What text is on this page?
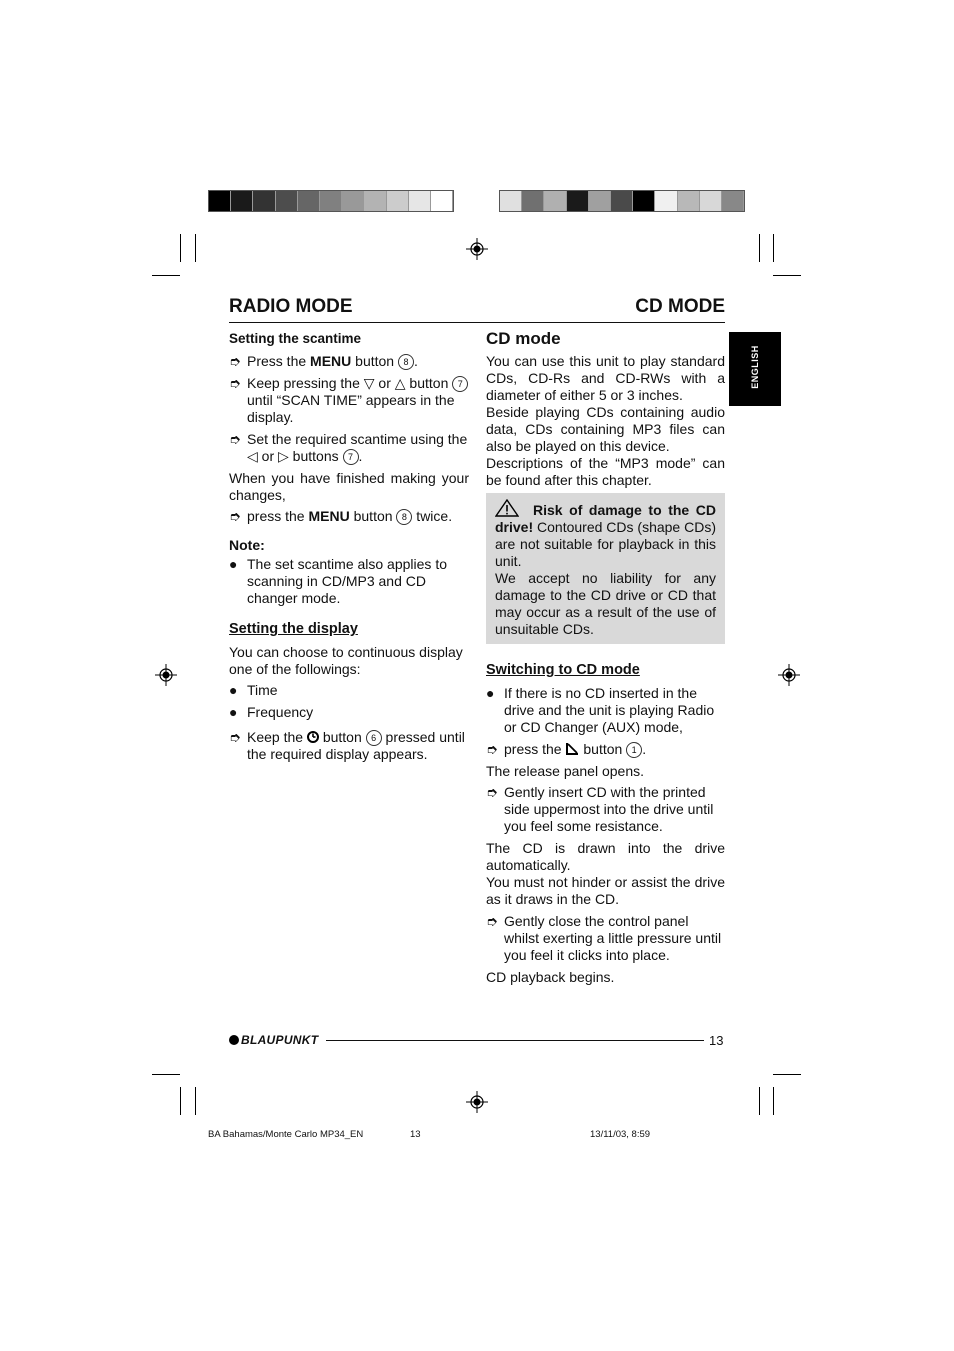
RADIO MODE	CD MODE
ENGLISH
Setting the scantime
➮ Press the MENU button 8 .
➮ Keep pressing the ▽ or △ button 7 until “SCAN TIME” appears in the display.
➮ Set the required scantime using the ◁ or ▷ buttons 7 .

When you have finished making your changes,

➮ press the MENU button 8 twice.
Note:
● The set scantime also applies to scanning in CD/MP3 and CD changer mode.
Setting the display

You can choose to continuous display one of the followings:

● Time
● Frequency
➮ Keep the  button 6 pressed until the required display appears.
CD mode
You can use this unit to play standard CDs, CD-Rs and CD-RWs with a diameter of either 5 or 3 inches.
Beside playing CDs containing audio data, CDs containing MP3 files can also be played on this device.
Descriptions of the “MP3 mode” can be found after this chapter.
Risk of damage to the CD drive! Contoured CDs (shape CDs) are not suitable for playback in this unit.
We accept no liability for any damage to the CD drive or CD that may occur as a result of the use of unsuitable CDs.
Switching to CD mode
● If there is no CD inserted in the drive and the unit is playing Radio or CD Changer (AUX) mode,
➮ press the  button 1 .

The release panel opens.

➮ Gently insert CD with the printed side uppermost into the drive until you feel some resistance.
The CD is drawn into the drive automatically.
You must not hinder or assist the drive as it draws in the CD.
➮ Gently close the control panel whilst exerting a little pressure until you feel it clicks into place.

CD playback begins.

BLAUPUNKT	13
BA Bahamas/Monte Carlo MP34_EN	13	13/11/03, 8:59
